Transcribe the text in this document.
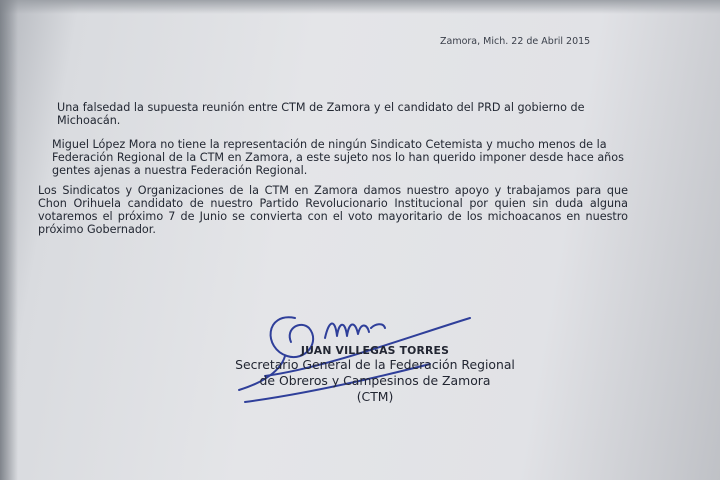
Zamora, Mich. 22 de Abril 2015
Una falsedad la supuesta reunión entre CTM de Zamora y el candidato del PRD al gobierno de Michoacán.
Miguel López Mora no tiene la representación de ningún Sindicato Cetemista y mucho menos de la Federación Regional de la CTM en Zamora, a este sujeto nos lo han querido imponer desde hace años gentes ajenas a nuestra Federación Regional.
Los Sindicatos y Organizaciones de la CTM en Zamora damos nuestro apoyo y trabajamos para que Chon Orihuela candidato de nuestro Partido Revolucionario Institucional por quien sin duda alguna votaremos el próximo 7 de Junio se convierta con el voto mayoritario de los michoacanos en nuestro próximo Gobernador.
JUAN VILLEGAS TORRES
Secretario General de la Federación Regional
de Obreros y Campesinos de Zamora
(CTM)
